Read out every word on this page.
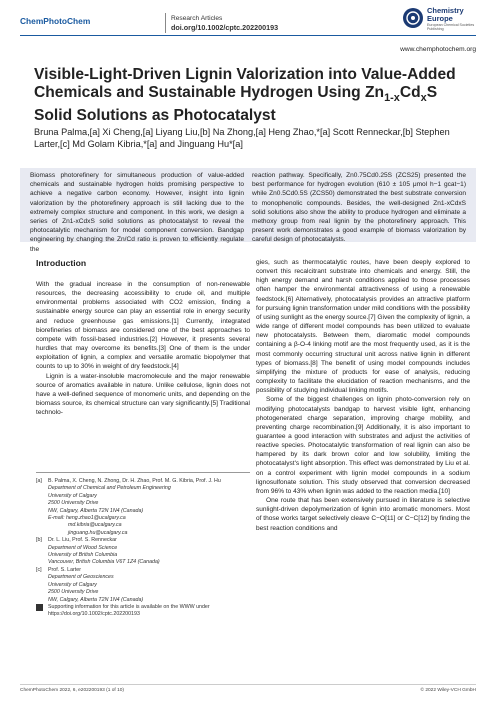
ChemPhotoChem	Research Articles
doi.org/10.1002/cptc.202200193
Chemistry
Europe
European Chemical Societies Publishing
www.chemphotochem.org
Visible-Light-Driven Lignin Valorization into Value-Added Chemicals and Sustainable Hydrogen Using $Zn_{1-x}Cd_xS$ Solid Solutions as Photocatalyst
Bruna Palma,[a] Xi Cheng,[a] Liyang Liu,[b] Na Zhong,[a] Heng Zhao,*[a] Scott Renneckar,[b] Stephen Larter,[c] Md Golam Kibria,*[a] and Jinguang Hu*[a]
Biomass photorefinery for simultaneous production of value-added chemicals and sustainable hydrogen holds promising perspective to achieve a negative carbon economy. However, insight into lignin valorization by the photorefinery approach is still lacking due to the extremely complex structure and component. In this work, we design a series of Zn1-xCdxS solid solutions as photocatalyst to reveal the photocatalytic mechanism for model component conversion. Bandgap engineering by changing the Zn/Cd ratio is proven to efficiently regulate the
reaction pathway. Specifically, Zn0.75Cd0.25S (ZCS25) presented the best performance for hydrogen evolution (610 ± 105 μmol h−1 gcat−1) while Zn0.5Cd0.5S (ZCS50) demonstrated the best substrate conversion to monophenolic compounds. Besides, the well-designed Zn1-xCdxS solid solutions also show the ability to produce hydrogen and eliminate a methoxy group from real lignin by the photorefinery approach. This present work demonstrates a good example of biomass valorization by careful design of photocatalysts.
Introduction

With the gradual increase in the consumption of non-renewable resources, the decreasing accessibility to crude oil, and multiple environmental problems associated with CO2 emission, finding a sustainable energy source can play an essential role in energy security and reduce greenhouse gas emissions.[1] Currently, integrated biorefineries of biomass are considered one of the best approaches to compete with fossil-based industries.[2] However, it presents several hurdles that may overcome its benefits.[3] One of them is the under exploitation of lignin, a complex and versatile aromatic biopolymer that counts to up to 30% in weight of dry feedstock.[4]

Lignin is a water-insoluble macromolecule and the major renewable source of aromatics available in nature. Unlike cellulose, lignin does not have a well-defined sequence of monomeric units, and depending on the biomass source, its chemical structure can vary significantly.[5] Traditional technolo-

gies, such as thermocatalytic routes, have been deeply explored to convert this recalcitrant substrate into chemicals and energy. Still, the high energy demand and harsh conditions applied to those processes often hamper the environmental attractiveness of using a renewable feedstock.[6] Alternatively, photocatalysis provides an attractive platform for pursuing lignin transformation under mild conditions with the possibility of using sunlight as the energy source.[7] Given the complexity of lignin, a wide range of different model compounds has been utilized to evaluate new photocatalysts. Between them, diaromatic model compounds containing a β-O-4 linking motif are the most frequently used, as it is the most commonly occurring structural unit across native lignin in different types of biomass.[8] The benefit of using model compounds includes simplifying the mixture of products for ease of analysis, reducing complexity to facilitate the elucidation of reaction mechanisms, and the possibility of studying individual linking motifs.

Some of the biggest challenges on lignin photo-conversion rely on modifying photocatalysts bandgap to harvest visible light, enhancing photogenerated charge separation, improving charge mobility, and preventing charge recombination.[9] Additionally, it is also important to guarantee a good interaction with substrates and adjust the activities of reactive species. Photocatalytic transformation of real lignin can also be hampered by its dark brown color and low solubility, limiting the photocatalyst's light absorption. This effect was demonstrated by Liu et al. on a control experiment with lignin model compounds in a sodium lignosulfonate solution. This study observed that conversion decreased from 96% to 43% when lignin was added to the reaction media.[10]

One route that has been extensively pursued in literature is selective sunlight-driven depolymerization of lignin into aromatic monomers. Most of those works target selectively cleave C−O[11] or C−C[12] by finding the best reaction conditions and

[a]	B. Palma, X. Cheng, N. Zhong, Dr. H. Zhao, Prof. M. G. Kibria, Prof. J. Hu
Department of Chemical and Petroleum Engineering
University of Calgary
2500 University Drive
NW, Calgary, Alberta T2N 1N4 (Canada)
E-mail: heng.zhao1@ucalgary.ca
md.kibria@ucalgary.ca
jinguang.hu@ucalgary.ca
[b]	Dr. L. Liu, Prof. S. Renneckar
Department of Wood Science
University of British Columbia
Vancouver, British Columbia V6T 1Z4 (Canada)
[c]	Prof. S. Larter
Department of Geosciences
University of Calgary
2500 University Drive
NW, Calgary, Alberta T2N 1N4 (Canada)
Supporting information for this article is available on the WWW under https://doi.org/10.1002/cptc.202200193
ChemPhotoChem 2022, 6, e202200193 (1 of 10)	© 2022 Wiley-VCH GmbH
